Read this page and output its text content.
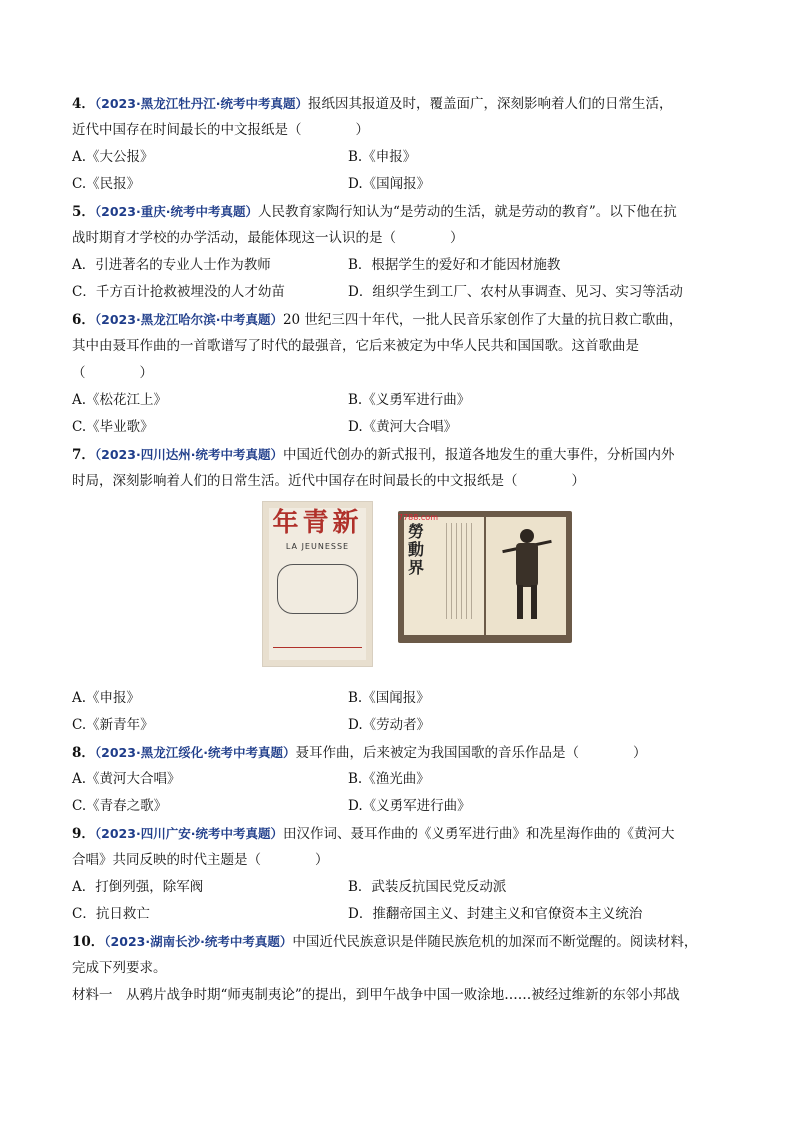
4．（2023·黑龙江牡丹江·统考中考真题）报纸因其报道及时，覆盖面广，深刻影响着人们的日常生活，
近代中国存在时间最长的中文报纸是（　　　　）
A.《大公报》	B.《申报》
C.《民报》	D.《国闻报》
5．（2023·重庆·统考中考真题）人民教育家陶行知认为“是劳动的生活，就是劳动的教育”。以下他在抗
战时期育才学校的办学活动，最能体现这一认识的是（　　　　）
A．引进著名的专业人士作为教师	B．根据学生的爱好和才能因材施教
C．千方百计抢救被埋没的人才幼苗	D．组织学生到工厂、农村从事调查、见习、实习等活动
6．（2023·黑龙江哈尔滨·中考真题）20 世纪三四十年代，一批人民音乐家创作了大量的抗日救亡歌曲，
其中由聂耳作曲的一首歌谱写了时代的最强音，它后来被定为中华人民共和国国歌。这首歌曲是
（　　　　）
A.《松花江上》	B.《义勇军进行曲》
C.《毕业歌》	D.《黄河大合唱》
7．（2023·四川达州·统考中考真题）中国近代创办的新式报刊，报道各地发生的重大事件，分析国内外
时局，深刻影响着人们的日常生活。近代中国存在时间最长的中文报纸是（　　　　）
年青新
LA JEUNESSE
7788.com
勞動界
A.《申报》	B.《国闻报》
C.《新青年》	D.《劳动者》
8．（2023·黑龙江绥化·统考中考真题）聂耳作曲，后来被定为我国国歌的音乐作品是（　　　　）
A.《黄河大合唱》	B.《渔光曲》
C.《青春之歌》	D.《义勇军进行曲》
9．（2023·四川广安·统考中考真题）田汉作词、聂耳作曲的《义勇军进行曲》和冼星海作曲的《黄河大
合唱》共同反映的时代主题是（　　　　）
A．打倒列强，除军阀	B．武装反抗国民党反动派
C．抗日救亡	D．推翻帝国主义、封建主义和官僚资本主义统治
10．（2023·湖南长沙·统考中考真题）中国近代民族意识是伴随民族危机的加深而不断觉醒的。阅读材料，
完成下列要求。
材料一　从鸦片战争时期“师夷制夷论”的提出，到甲午战争中国一败涂地……被经过维新的东邻小邦战
